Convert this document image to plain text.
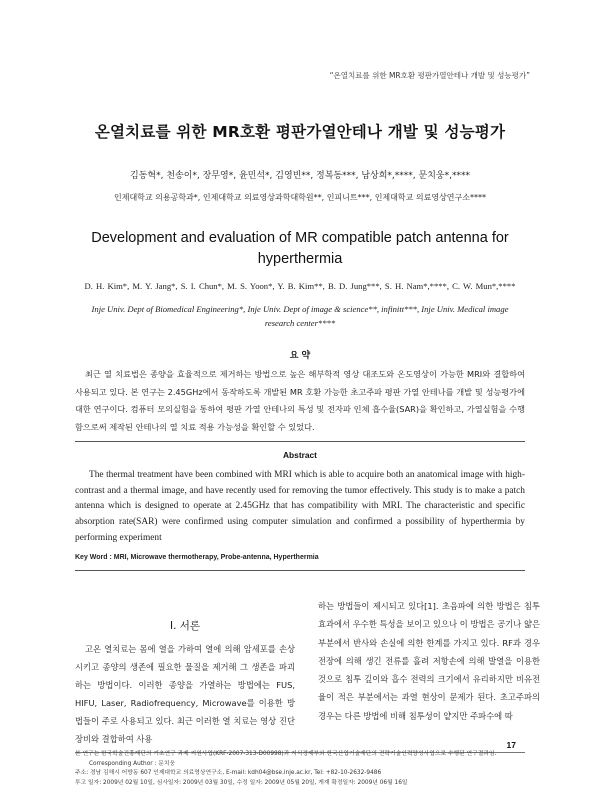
“온열치료를 위한 MR호환 평판가열안테나 개발 및 성능평가”
온열치료를 위한 MR호환 평판가열안테나 개발 및 성능평가
김동혁*, 천송이*, 장무영*, 윤민석*, 김영빈**, 정복동***, 남상희*,****, 문치웅*,****
인제대학교 의용공학과*, 인제대학교 의료영상과학대학원**, 인피니트***, 인제대학교 의료영상연구소****
Development and evaluation of MR compatible patch antenna for hyperthermia
D. H. Kim*, M. Y. Jang*, S. I. Chun*, M. S. Yoon*, Y. B. Kim**, B. D. Jung***, S. H. Nam*,****, C. W. Mun*,****
Inje Univ. Dept of Biomedical Engineering*, Inje Univ. Dept of image & science**, infinitt***, Inje Univ. Medical image research center****
요 약
최근 열 치료법은 종양을 효율적으로 제거하는 방법으로 높은 해부학적 영상 대조도와 온도영상이 가능한 MRI와 결합하여 사용되고 있다. 본 연구는 2.45GHz에서 동작하도록 개발된 MR 호환 가능한 초고주파 평판 가열 안테나를 개발 및 성능평가에 대한 연구이다. 컴퓨터 모의실험을 통하여 평판 가열 안테나의 특성 및 전자파 인체 흡수율(SAR)을 확인하고, 가열실험을 수행함으로써 제작된 안테나의 열 치료 적용 가능성을 확인할 수 있었다.
Abstract
The thermal treatment have been combined with MRI which is able to acquire both an anatomical image with high-contrast and a thermal image, and have recently used for removing the tumor effectively. This study is to make a patch antenna which is designed to operate at 2.45GHz that has compatibility with MRI. The characteristic and specific absorption rate(SAR) were confirmed using computer simulation and confirmed a possibility of hyperthermia by performing experiment
Key Word : MRI, Microwave thermotherapy, Probe-antenna, Hyperthermia
I. 서론
고온 열치료는 몸에 열을 가하여 열에 의해 암세포를 손상시키고 종양의 생존에 필요한 물질을 제거해 그 생존을 파괴하는 방법이다. 이러한 종양을 가열하는 방법에는 FUS, HIFU, Laser, Radiofrequency, Microwave를 이용한 방법들이 주로 사용되고 있다. 최근 이러한 열 치료는 영상 진단장비와 결합하여 사용
하는 방법들이 제시되고 있다[1]. 초음파에 의한 방법은 침투 효과에서 우수한 특성을 보이고 있으나 이 방법은 공기나 얇은 부분에서 반사와 손실에 의한 한계를 가지고 있다. RF과 경우 전장에 의해 생긴 전류를 흘려 저항손에 의해 발열을 이용한 것으로 침투 깊이와 흡수 전력의 크기에서 유리하지만 비유전율이 적은 부분에서는 과열 현상이 문제가 된다. 초고주파의 경우는 다른 방법에 비해 침투성이 얕지만 주파수에 따
17
본 연구는 한국학술진흥재단의 기초연구 과제 지원사업(KRF-2007-313-D00998)과 지식경제부와 한국산업기술재단의 전략기술인력양성사업으로 수행된 연구결과임.
Corresponding Author : 문치웅
주소: 경남 김해시 어방동 607 인제대학교 의료영상연구소, E-mail: kdh04@bse.inje.ac.kr, Tel: +82-10-2632-9486
투고 일자: 2009년 02월 10일, 심사일자: 2009년 03월 30일, 수정 일자: 2009년 05월 20일, 게재 확정일자: 2009년 06월 16일
